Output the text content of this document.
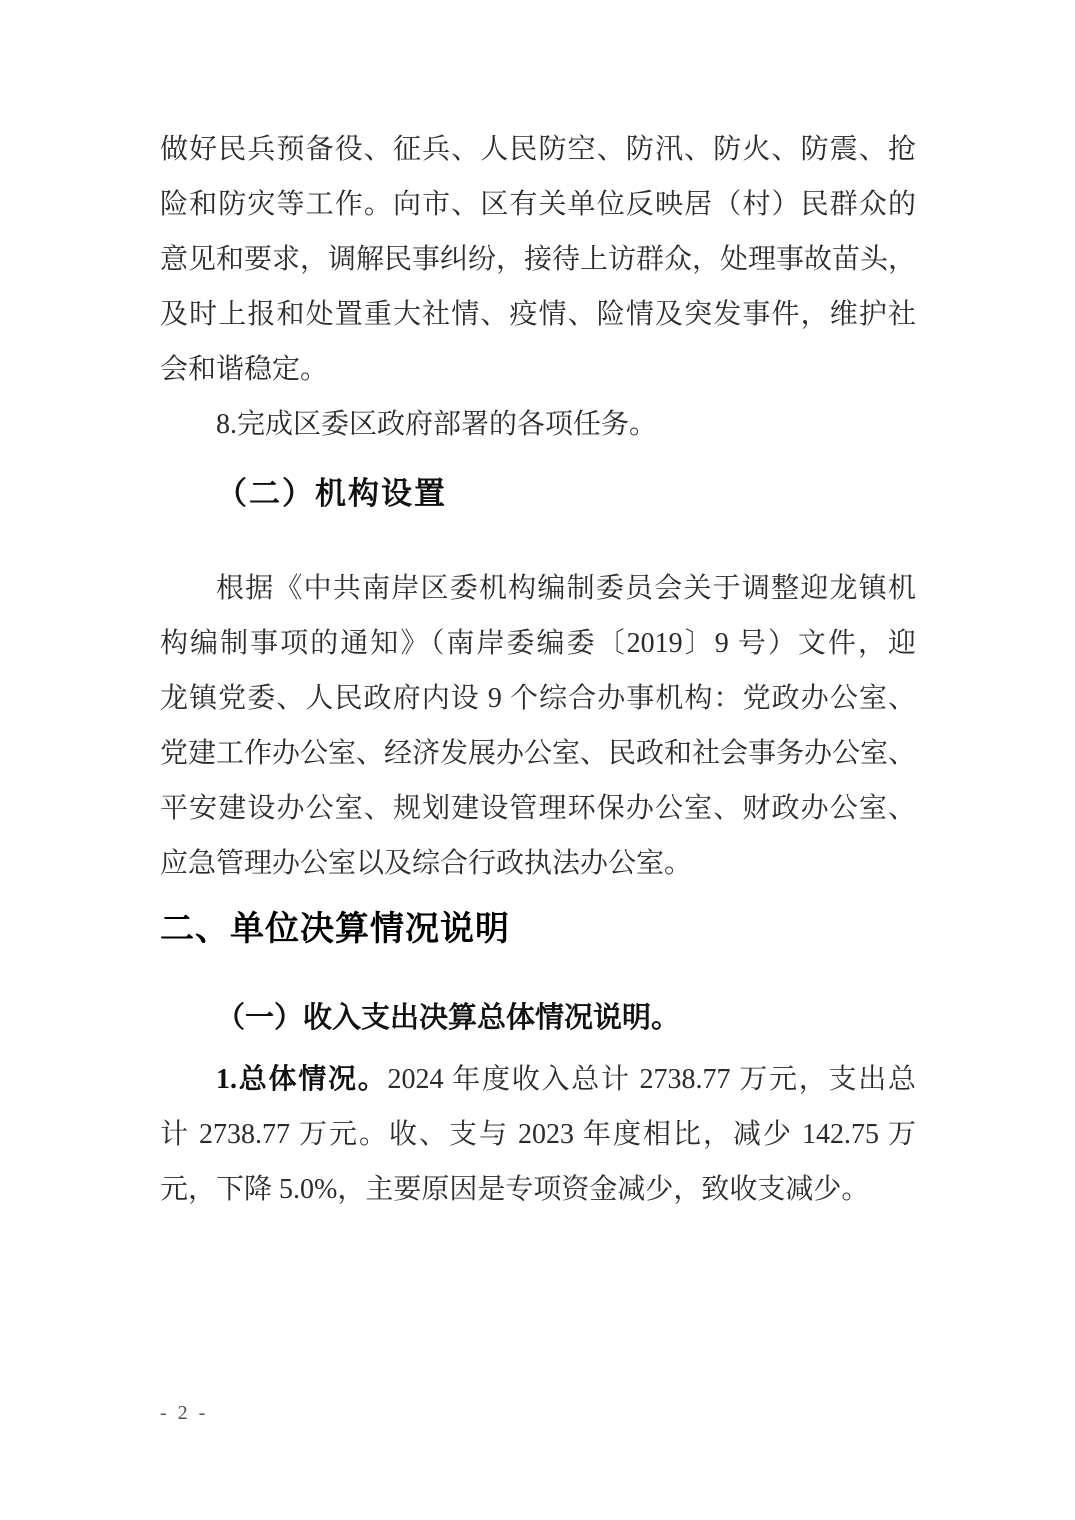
做好民兵预备役、征兵、人民防空、防汛、防火、防震、抢
险和防灾等工作。向市、区有关单位反映居（村）民群众的
意见和要求，调解民事纠纷，接待上访群众，处理事故苗头，
及时上报和处置重大社情、疫情、险情及突发事件，维护社
会和谐稳定。
8.完成区委区政府部署的各项任务。
（二）机构设置
根据《中共南岸区委机构编制委员会关于调整迎龙镇机
构编制事项的通知》（南岸委编委〔2019〕9 号）文件，迎
龙镇党委、人民政府内设 9 个综合办事机构：党政办公室、
党建工作办公室、经济发展办公室、民政和社会事务办公室、
平安建设办公室、规划建设管理环保办公室、财政办公室、
应急管理办公室以及综合行政执法办公室。
二、单位决算情况说明
（一）收入支出决算总体情况说明。
1.总体情况。2024 年度收入总计 2738.77 万元，支出总
计 2738.77 万元。收、支与 2023 年度相比，减少 142.75 万
元，下降 5.0%，主要原因是专项资金减少，致收支减少。
- 2 -
